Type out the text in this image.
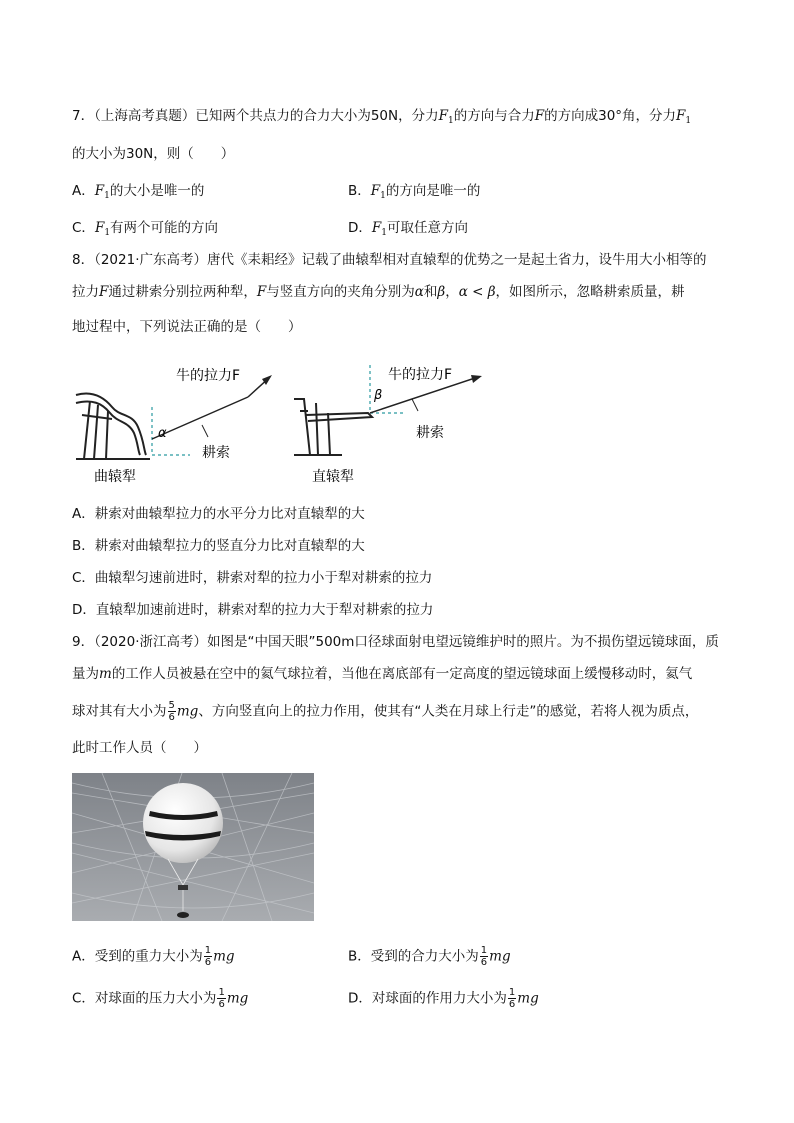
7．（上海高考真题）已知两个共点力的合力大小为50N，分力$F_1$的方向与合力F的方向成30°角，分力$F_1$
的大小为30N，则（　　）
A．$F_1$的大小是唯一的	B．$F_1$的方向是唯一的
C．$F_1$有两个可能的方向	D．$F_1$可取任意方向
8．（2021·广东高考）唐代《耒耜经》记载了曲辕犁相对直辕犁的优势之一是起土省力，设牛用大小相等的
拉力F通过耕索分别拉两种犁，F与竖直方向的夹角分别为α和β，α < β，如图所示，忽略耕索质量，耕
地过程中，下列说法正确的是（　　）
牛的拉力F
α
耕索
曲辕犁
牛的拉力F
β
耕索
直辕犁
A．耕索对曲辕犁拉力的水平分力比对直辕犁的大
B．耕索对曲辕犁拉力的竖直分力比对直辕犁的大
C．曲辕犁匀速前进时，耕索对犁的拉力小于犁对耕索的拉力
D．直辕犁加速前进时，耕索对犁的拉力大于犁对耕索的拉力
9．（2020·浙江高考）如图是“中国天眼”500m口径球面射电望远镜维护时的照片。为不损伤望远镜球面，质
量为m的工作人员被悬在空中的氦气球拉着，当他在离底部有一定高度的望远镜球面上缓慢移动时，氦气
球对其有大小为 $\frac{5}{6}$ mg、方向竖直向上的拉力作用，使其有“人类在月球上行走”的感觉，若将人视为质点，
此时工作人员（　　）
A．受到的重力大小为 $\frac{1}{6}$ mg	B．受到的合力大小为 $\frac{1}{6}$ mg
C．对球面的压力大小为 $\frac{1}{6}$ mg	D．对球面的作用力大小为 $\frac{1}{6}$ mg
